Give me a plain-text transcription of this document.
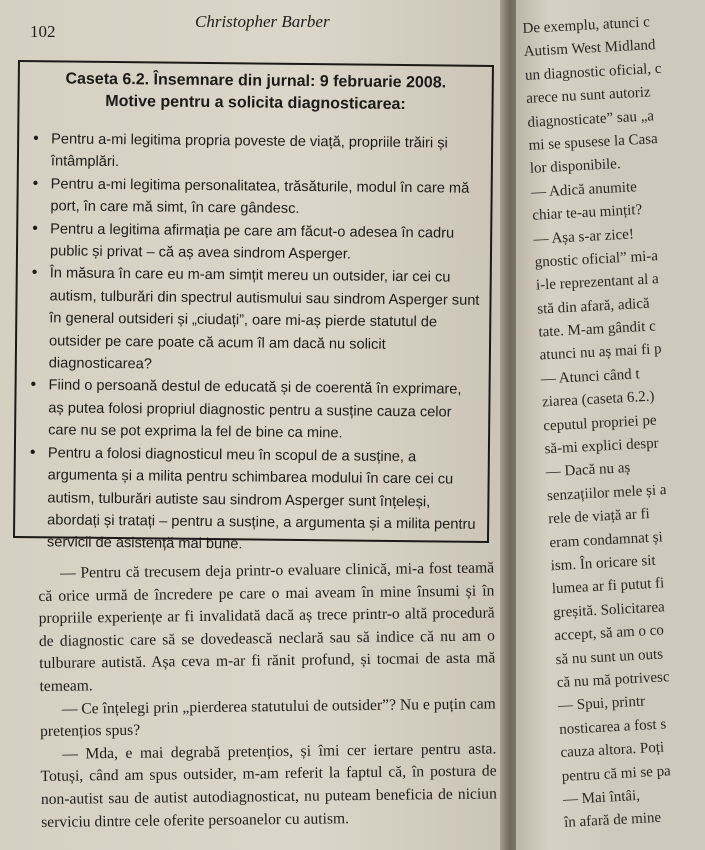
102
Christopher Barber
Caseta 6.2. Însemnare din jurnal: 9 februarie 2008.
Motive pentru a solicita diagnosticarea:
• Pentru a-mi legitima propria poveste de viață, propriile trăiri și întâmplări.
• Pentru a-mi legitima personalitatea, trăsăturile, modul în care mă port, în care mă simt, în care gândesc.
• Pentru a legitima afirmația pe care am făcut-o adesea în cadru public și privat – că aș avea sindrom Asperger.
• În măsura în care eu m-am simțit mereu un outsider, iar cei cu autism, tulburări din spectrul autismului sau sindrom Asperger sunt în general outsideri și „ciudați”, oare mi-aș pierde statutul de outsider pe care poate că acum îl am dacă nu solicit diagnosticarea?
• Fiind o persoană destul de educată și de coerentă în exprimare, aș putea folosi propriul diagnostic pentru a susține cauza celor care nu se pot exprima la fel de bine ca mine.
• Pentru a folosi diagnosticul meu în scopul de a susține, a argumenta și a milita pentru schimbarea modului în care cei cu autism, tulburări autiste sau sindrom Asperger sunt înțeleși, abordați și tratați – pentru a susține, a argumenta și a milita pentru servicii de asistență mai bune.

— Pentru că trecusem deja printr-o evaluare clinică, mi-a fost teamă că orice urmă de încredere pe care o mai aveam în mine însumi și în propriile experiențe ar fi invalidată dacă aș trece printr-o altă procedură de diagnostic care să se dovedească neclară sau să indice că nu am o tulburare autistă. Așa ceva m-ar fi rănit profund, și tocmai de asta mă temeam.

— Ce înțelegi prin „pierderea statutului de outsider”? Nu e puțin cam pretențios spus?

— Mda, e mai degrabă pretențios, și îmi cer iertare pentru asta. Totuși, când am spus outsider, m-am referit la faptul că, în postura de non-autist sau de autist autodiagnosticat, nu puteam beneficia de niciun serviciu dintre cele oferite persoanelor cu autism.

De exemplu, atunci c
Autism West Midland
un diagnostic oficial, c
arece nu sunt autoriz
diagnosticate” sau „a
mi se spusese la Casa
lor disponibile.
— Adică anumite
chiar te-au mințit?
— Așa s-ar zice!
gnostic oficial” mi-a
i-le reprezentant al a
stă din afară, adică
tate. M-am gândit c
atunci nu aș mai fi p
— Atunci când t
ziarea (caseta 6.2.)
ceputul propriei pe
să-mi explici despr
— Dacă nu aș
senzațiilor mele și a
rele de viață ar fi
eram condamnat și
ism. În oricare sit
lumea ar fi putut fi
greșită. Solicitarea
accept, să am o co
să nu sunt un outs
că nu mă potrivesc
— Spui, printr
nosticarea a fost s
cauza altora. Poți
pentru că mi se pa
— Mai întâi,
în afară de mine
